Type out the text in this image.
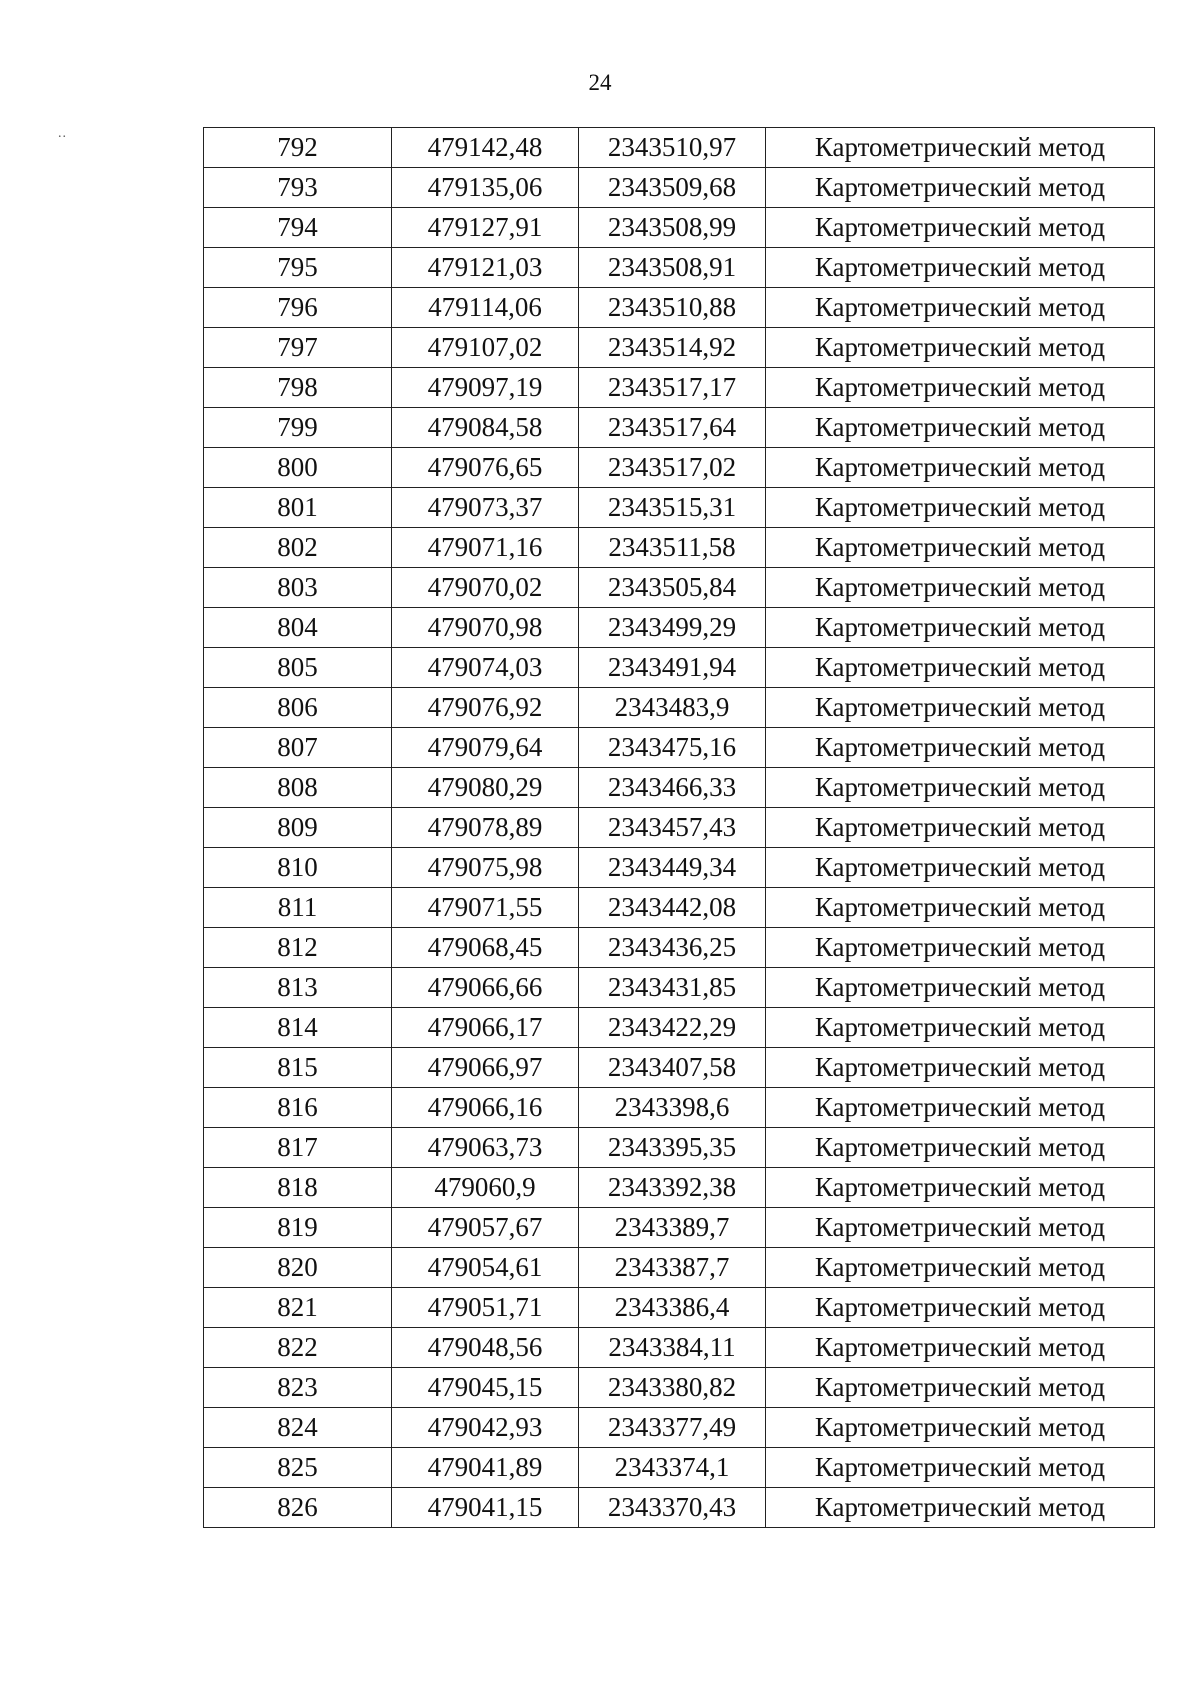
24
..	792	479142,48	2343510,97	Картометрический метод
793	479135,06	2343509,68	Картометрический метод
794	479127,91	2343508,99	Картометрический метод
795	479121,03	2343508,91	Картометрический метод
796	479114,06	2343510,88	Картометрический метод
797	479107,02	2343514,92	Картометрический метод
798	479097,19	2343517,17	Картометрический метод
799	479084,58	2343517,64	Картометрический метод
800	479076,65	2343517,02	Картометрический метод
801	479073,37	2343515,31	Картометрический метод
802	479071,16	2343511,58	Картометрический метод
803	479070,02	2343505,84	Картометрический метод
804	479070,98	2343499,29	Картометрический метод
805	479074,03	2343491,94	Картометрический метод
806	479076,92	2343483,9	Картометрический метод
807	479079,64	2343475,16	Картометрический метод
808	479080,29	2343466,33	Картометрический метод
809	479078,89	2343457,43	Картометрический метод
810	479075,98	2343449,34	Картометрический метод
811	479071,55	2343442,08	Картометрический метод
812	479068,45	2343436,25	Картометрический метод
813	479066,66	2343431,85	Картометрический метод
814	479066,17	2343422,29	Картометрический метод
815	479066,97	2343407,58	Картометрический метод
816	479066,16	2343398,6	Картометрический метод
817	479063,73	2343395,35	Картометрический метод
818	479060,9	2343392,38	Картометрический метод
819	479057,67	2343389,7	Картометрический метод
820	479054,61	2343387,7	Картометрический метод
821	479051,71	2343386,4	Картометрический метод
822	479048,56	2343384,11	Картометрический метод
823	479045,15	2343380,82	Картометрический метод
824	479042,93	2343377,49	Картометрический метод
825	479041,89	2343374,1	Картометрический метод
826	479041,15	2343370,43	Картометрический метод
